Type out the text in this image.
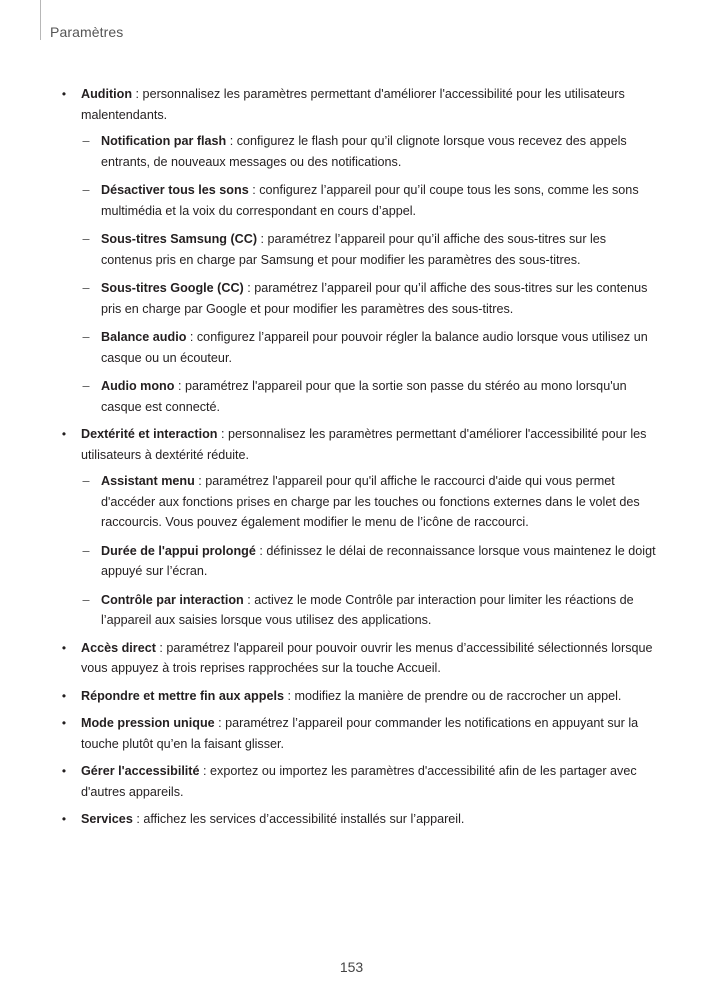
Paramètres
• Audition : personnalisez les paramètres permettant d'améliorer l'accessibilité pour les utilisateurs malentendants.
– Notification par flash : configurez le flash pour qu’il clignote lorsque vous recevez des appels entrants, de nouveaux messages ou des notifications.
– Désactiver tous les sons : configurez l’appareil pour qu’il coupe tous les sons, comme les sons multimédia et la voix du correspondant en cours d’appel.
– Sous-titres Samsung (CC) : paramétrez l’appareil pour qu’il affiche des sous-titres sur les contenus pris en charge par Samsung et pour modifier les paramètres des sous-titres.
– Sous-titres Google (CC) : paramétrez l’appareil pour qu’il affiche des sous-titres sur les contenus pris en charge par Google et pour modifier les paramètres des sous-titres.
– Balance audio : configurez l’appareil pour pouvoir régler la balance audio lorsque vous utilisez un casque ou un écouteur.
– Audio mono : paramétrez l'appareil pour que la sortie son passe du stéréo au mono lorsqu'un casque est connecté.
• Dextérité et interaction : personnalisez les paramètres permettant d'améliorer l'accessibilité pour les utilisateurs à dextérité réduite.
– Assistant menu : paramétrez l'appareil pour qu'il affiche le raccourci d'aide qui vous permet d'accéder aux fonctions prises en charge par les touches ou fonctions externes dans le volet des raccourcis. Vous pouvez également modifier le menu de l’icône de raccourci.
– Durée de l'appui prolongé : définissez le délai de reconnaissance lorsque vous maintenez le doigt appuyé sur l’écran.
– Contrôle par interaction : activez le mode Contrôle par interaction pour limiter les réactions de l’appareil aux saisies lorsque vous utilisez des applications.
• Accès direct : paramétrez l'appareil pour pouvoir ouvrir les menus d’accessibilité sélectionnés lorsque vous appuyez à trois reprises rapprochées sur la touche Accueil.
• Répondre et mettre fin aux appels : modifiez la manière de prendre ou de raccrocher un appel.
• Mode pression unique : paramétrez l’appareil pour commander les notifications en appuyant sur la touche plutôt qu’en la faisant glisser.
• Gérer l'accessibilité : exportez ou importez les paramètres d'accessibilité afin de les partager avec d'autres appareils.
• Services : affichez les services d’accessibilité installés sur l’appareil.
153
